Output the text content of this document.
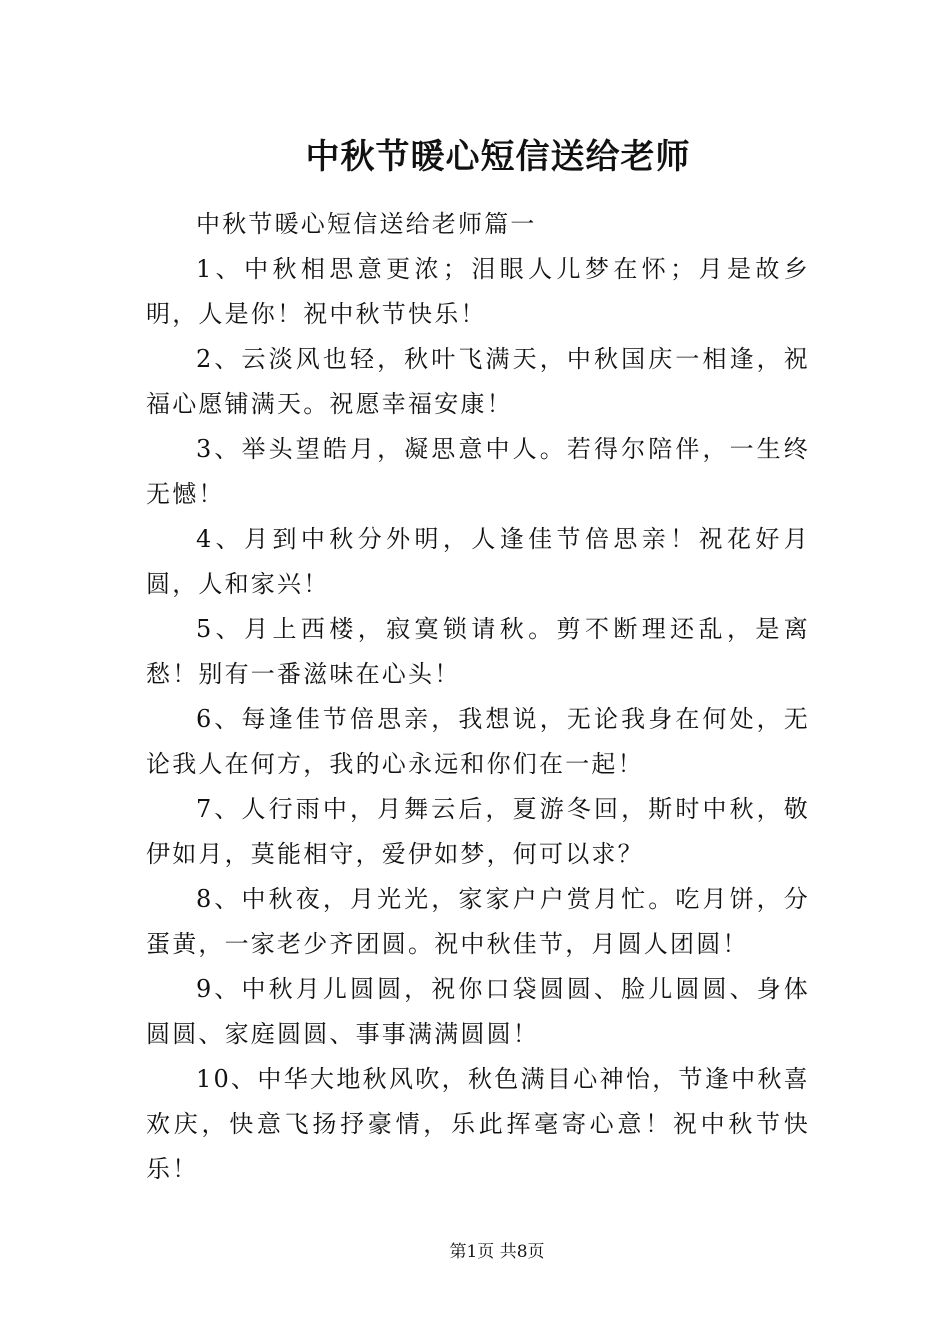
中秋节暖心短信送给老师

中秋节暖心短信送给老师篇一

1、中秋相思意更浓；泪眼人儿梦在怀；月是故乡明，人是你！祝中秋节快乐！

2、云淡风也轻，秋叶飞满天，中秋国庆一相逢，祝福心愿铺满天。祝愿幸福安康！

3、举头望皓月，凝思意中人。若得尔陪伴，一生终无憾！

4、月到中秋分外明，人逢佳节倍思亲！祝花好月圆，人和家兴！

5、月上西楼，寂寞锁请秋。剪不断理还乱，是离愁！别有一番滋味在心头！

6、每逢佳节倍思亲，我想说，无论我身在何处，无论我人在何方，我的心永远和你们在一起！

7、人行雨中，月舞云后，夏游冬回，斯时中秋，敬伊如月，莫能相守，爱伊如梦，何可以求？

8、中秋夜，月光光，家家户户赏月忙。吃月饼，分蛋黄，一家老少齐团圆。祝中秋佳节，月圆人团圆！

9、中秋月儿圆圆，祝你口袋圆圆、脸儿圆圆、身体圆圆、家庭圆圆、事事满满圆圆！

10、中华大地秋风吹，秋色满目心神怡，节逢中秋喜欢庆，快意飞扬抒豪情，乐此挥毫寄心意！祝中秋节快乐！

第1页 共8页
